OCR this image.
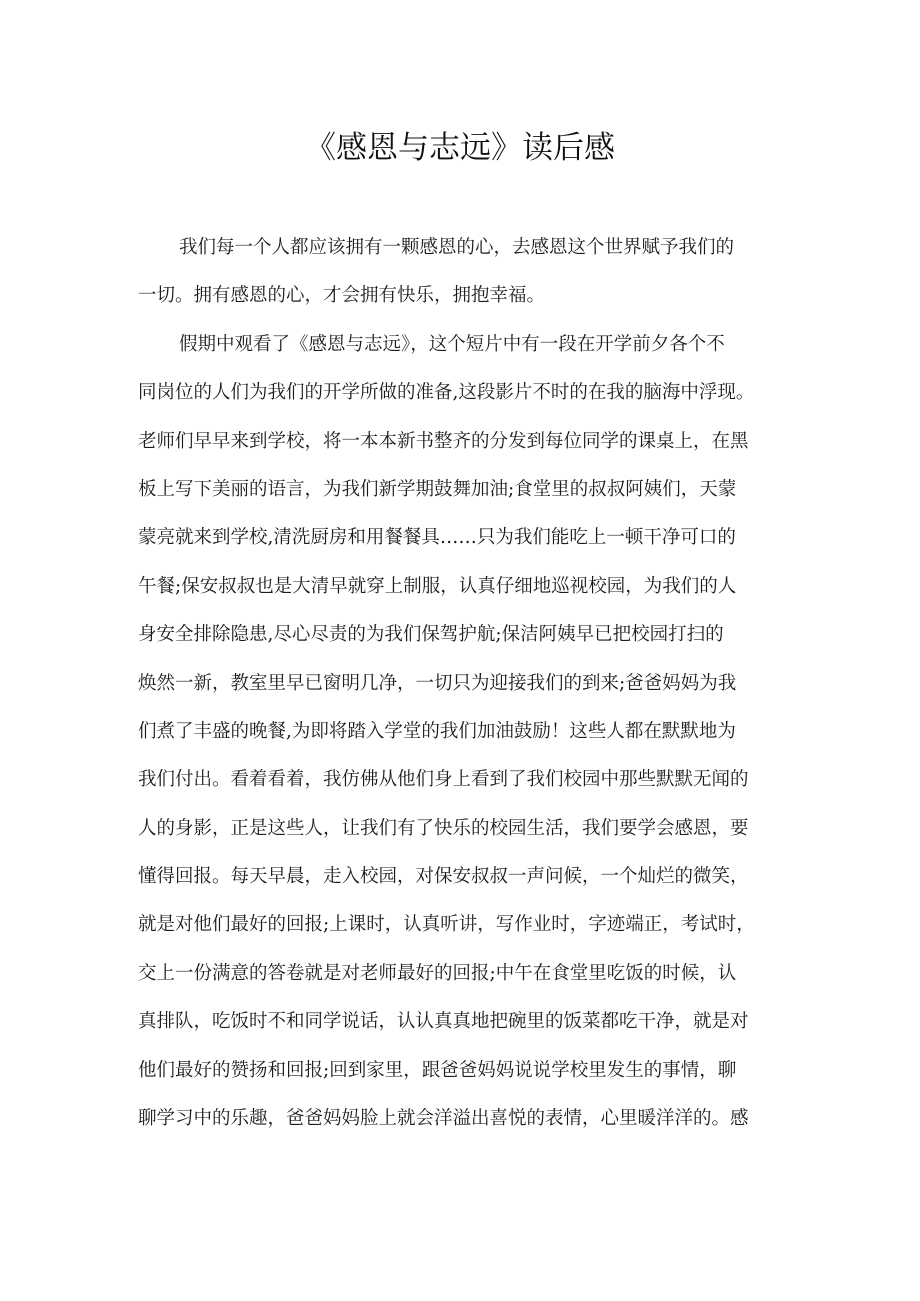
《感恩与志远》读后感
我们每一个人都应该拥有一颗感恩的心，去感恩这个世界赋予我们的
一切。拥有感恩的心，才会拥有快乐，拥抱幸福。
假期中观看了《感恩与志远》，这个短片中有一段在开学前夕各个不
同岗位的人们为我们的开学所做的准备,这段影片不时的在我的脑海中浮现。
老师们早早来到学校，将一本本新书整齐的分发到每位同学的课桌上，在黑
板上写下美丽的语言，为我们新学期鼓舞加油;食堂里的叔叔阿姨们，天蒙
蒙亮就来到学校,清洗厨房和用餐餐具……只为我们能吃上一顿干净可口的
午餐;保安叔叔也是大清早就穿上制服，认真仔细地巡视校园，为我们的人
身安全排除隐患,尽心尽责的为我们保驾护航;保洁阿姨早已把校园打扫的
焕然一新，教室里早已窗明几净，一切只为迎接我们的到来;爸爸妈妈为我
们煮了丰盛的晚餐,为即将踏入学堂的我们加油鼓励！这些人都在默默地为
我们付出。看着看着，我仿佛从他们身上看到了我们校园中那些默默无闻的
人的身影，正是这些人，让我们有了快乐的校园生活，我们要学会感恩，要
懂得回报。每天早晨，走入校园，对保安叔叔一声问候，一个灿烂的微笑，
就是对他们最好的回报;上课时，认真听讲，写作业时，字迹端正，考试时，
交上一份满意的答卷就是对老师最好的回报;中午在食堂里吃饭的时候，认
真排队，吃饭时不和同学说话，认认真真地把碗里的饭菜都吃干净，就是对
他们最好的赞扬和回报;回到家里，跟爸爸妈妈说说学校里发生的事情，聊
聊学习中的乐趣，爸爸妈妈脸上就会洋溢出喜悦的表情，心里暖洋洋的。感
